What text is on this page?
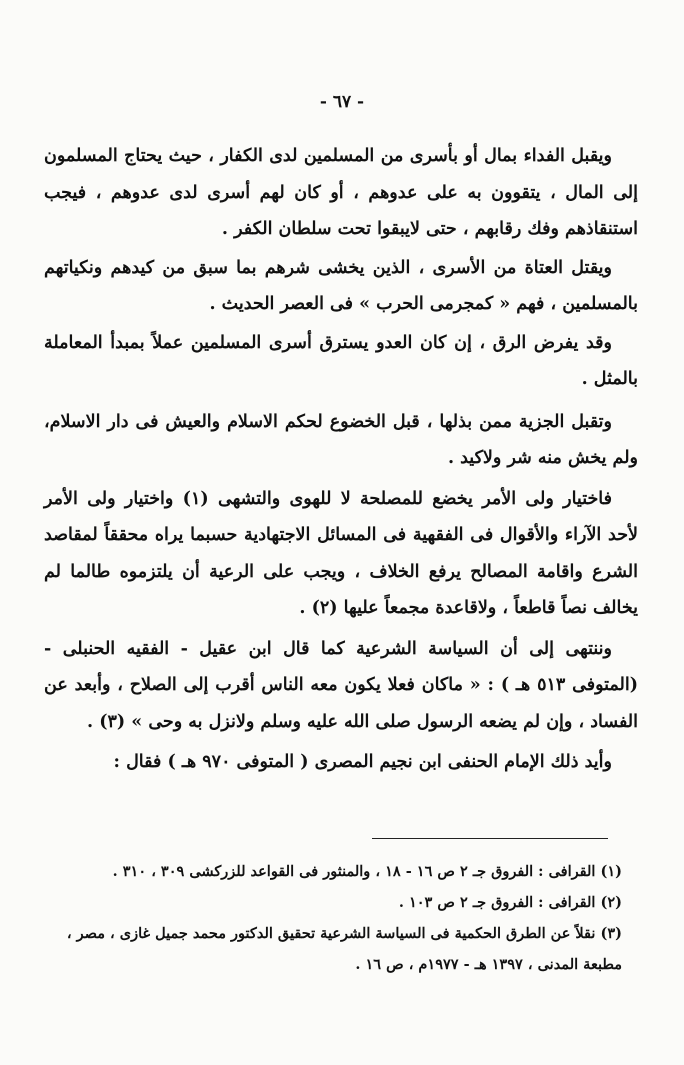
- ٦٧ -

ويقبل الفداء بمال أو بأسرى من المسلمين لدى الكفار ، حيث يحتاج المسلمون إلى المال ، يتقوون به على عدوهم ، أو كان لهم أسرى لدى عدوهم ، فيجب استنقاذهم وفك رقابهم ، حتى لايبقوا تحت سلطان الكفر .

ويقتل العتاة من الأسرى ، الذين يخشى شرهم بما سبق من كيدهم ونكياتهم بالمسلمين ، فهم « كمجرمى الحرب » فى العصر الحديث .

وقد يفرض الرق ، إن كان العدو يسترق أسرى المسلمين عملاً بمبدأ المعاملة بالمثل .

وتقبل الجزية ممن بذلها ، قبل الخضوع لحكم الاسلام والعيش فى دار الاسلام، ولم يخش منه شر ولاكيد .

فاختيار ولى الأمر يخضع للمصلحة لا للهوى والتشهى (١) واختيار ولى الأمر لأحد الآراء والأقوال فى الفقهية فى المسائل الاجتهادية حسبما يراه محققاً لمقاصد الشرع واقامة المصالح يرفع الخلاف ، ويجب على الرعية أن يلتزموه طالما لم يخالف نصاً قاطعاً ، ولاقاعدة مجمعاً عليها (٢) .

وننتهى إلى أن السياسة الشرعية كما قال ابن عقيل - الفقيه الحنبلى - (المتوفى ٥١٣ هـ ) : « ماكان فعلا يكون معه الناس أقرب إلى الصلاح ، وأبعد عن الفساد ، وإن لم يضعه الرسول صلى الله عليه وسلم ولانزل به وحى » (٣) .

وأيد ذلك الإمام الحنفى ابن نجيم المصرى ( المتوفى ٩٧٠ هـ ) فقال :

(١) القرافى : الفروق جـ ٢ ص ١٦ - ١٨ ، والمنثور فى القواعد للزركشى ٣٠٩ ، ٣١٠ .

(٢) القرافى : الفروق جـ ٢ ص ١٠٣ .

(٣) نقلاً عن الطرق الحكمية فى السياسة الشرعية تحقيق الدكتور محمد جميل غازى ، مصر ، مطبعة المدنى ، ١٣٩٧ هـ - ١٩٧٧م ، ص ١٦ .
